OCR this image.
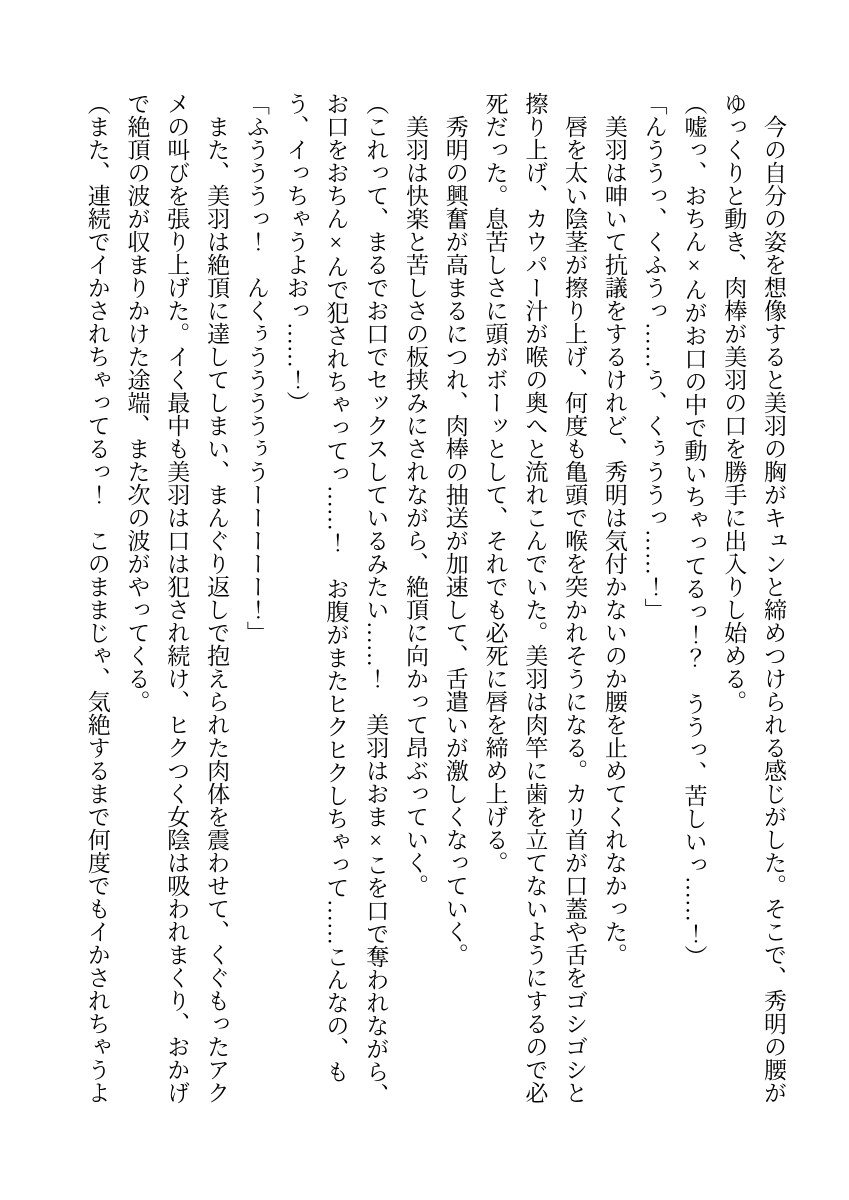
今の自分の姿を想像すると美羽の胸がキュンと締めつけられる感じがした。そこで、秀明の腰がゆっくりと動き、肉棒が美羽の口を勝手に出入りし始める。

（嘘っ、おちん×んがお口の中で動いちゃってるっ！？　ううっ、苦しいっ……！）

「んううっ、くふうっ……う、くぅううっ……！」

美羽は呻いて抗議をするけれど、秀明は気付かないのか腰を止めてくれなかった。

唇を太い陰茎が擦り上げ、何度も亀頭で喉を突かれそうになる。カリ首が口蓋や舌をゴシゴシと擦り上げ、カウパー汁が喉の奥へと流れこんでいた。美羽は肉竿に歯を立てないようにするので必死だった。息苦しさに頭がボーッとして、それでも必死に唇を締め上げる。

秀明の興奮が高まるにつれ、肉棒の抽送が加速して、舌遣いが激しくなっていく。

美羽は快楽と苦しさの板挟みにされながら、絶頂に向かって昂ぶっていく。

（これって、まるでお口でセックスしているみたい……！　美羽はおま×こを口で奪われながら、お口をおちん×んで犯されちゃってっ……！　お腹がまたヒクヒクしちゃって……こんなの、もう、イっちゃうよおっ……！）

「ふうううっ！　んくぅううううぅうーーーーー！」

また、美羽は絶頂に達してしまい、まんぐり返しで抱えられた肉体を震わせて、くぐもったアクメの叫びを張り上げた。イく最中も美羽は口は犯され続け、ヒクつく女陰は吸われまくり、おかげで絶頂の波が収まりかけた途端、また次の波がやってくる。

（また、連続でイかされちゃってるっ！　このままじゃ、気絶するまで何度でもイかされちゃうよ
